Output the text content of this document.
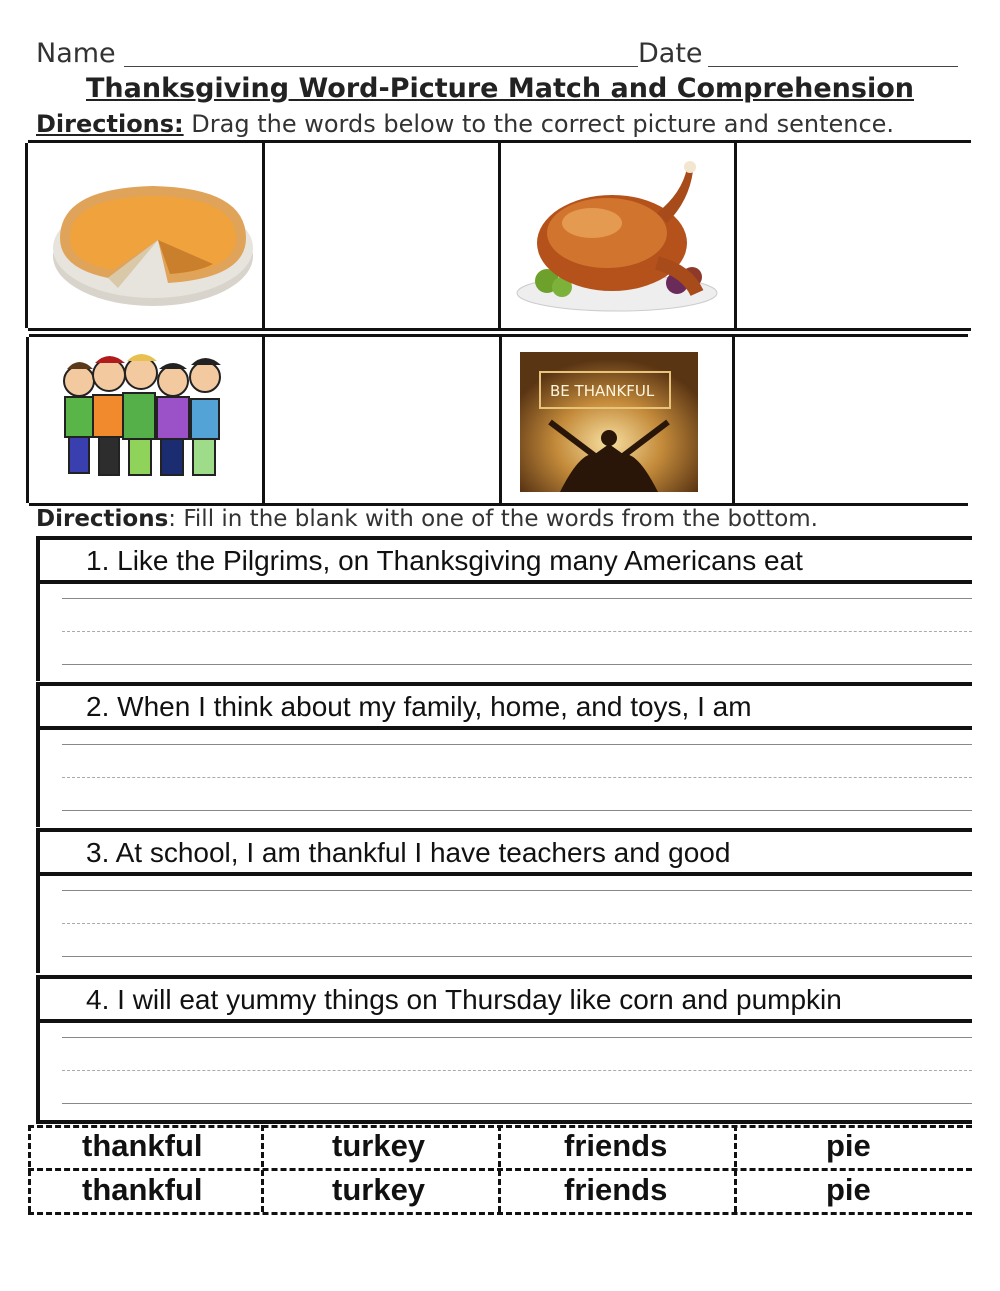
Name	Date
Thanksgiving Word-Picture Match and Comprehension
Directions: Drag the words below to the correct picture and sentence.
BE THANKFUL
Directions: Fill in the blank with one of the words from the bottom.
1. Like the Pilgrims, on Thanksgiving many Americans eat
2. When I think about my family, home, and toys, I am
3. At school, I am thankful I have teachers and good
4. I will eat yummy things on Thursday like corn and pumpkin
thankful	turkey	friends	pie
thankful	turkey	friends	pie
